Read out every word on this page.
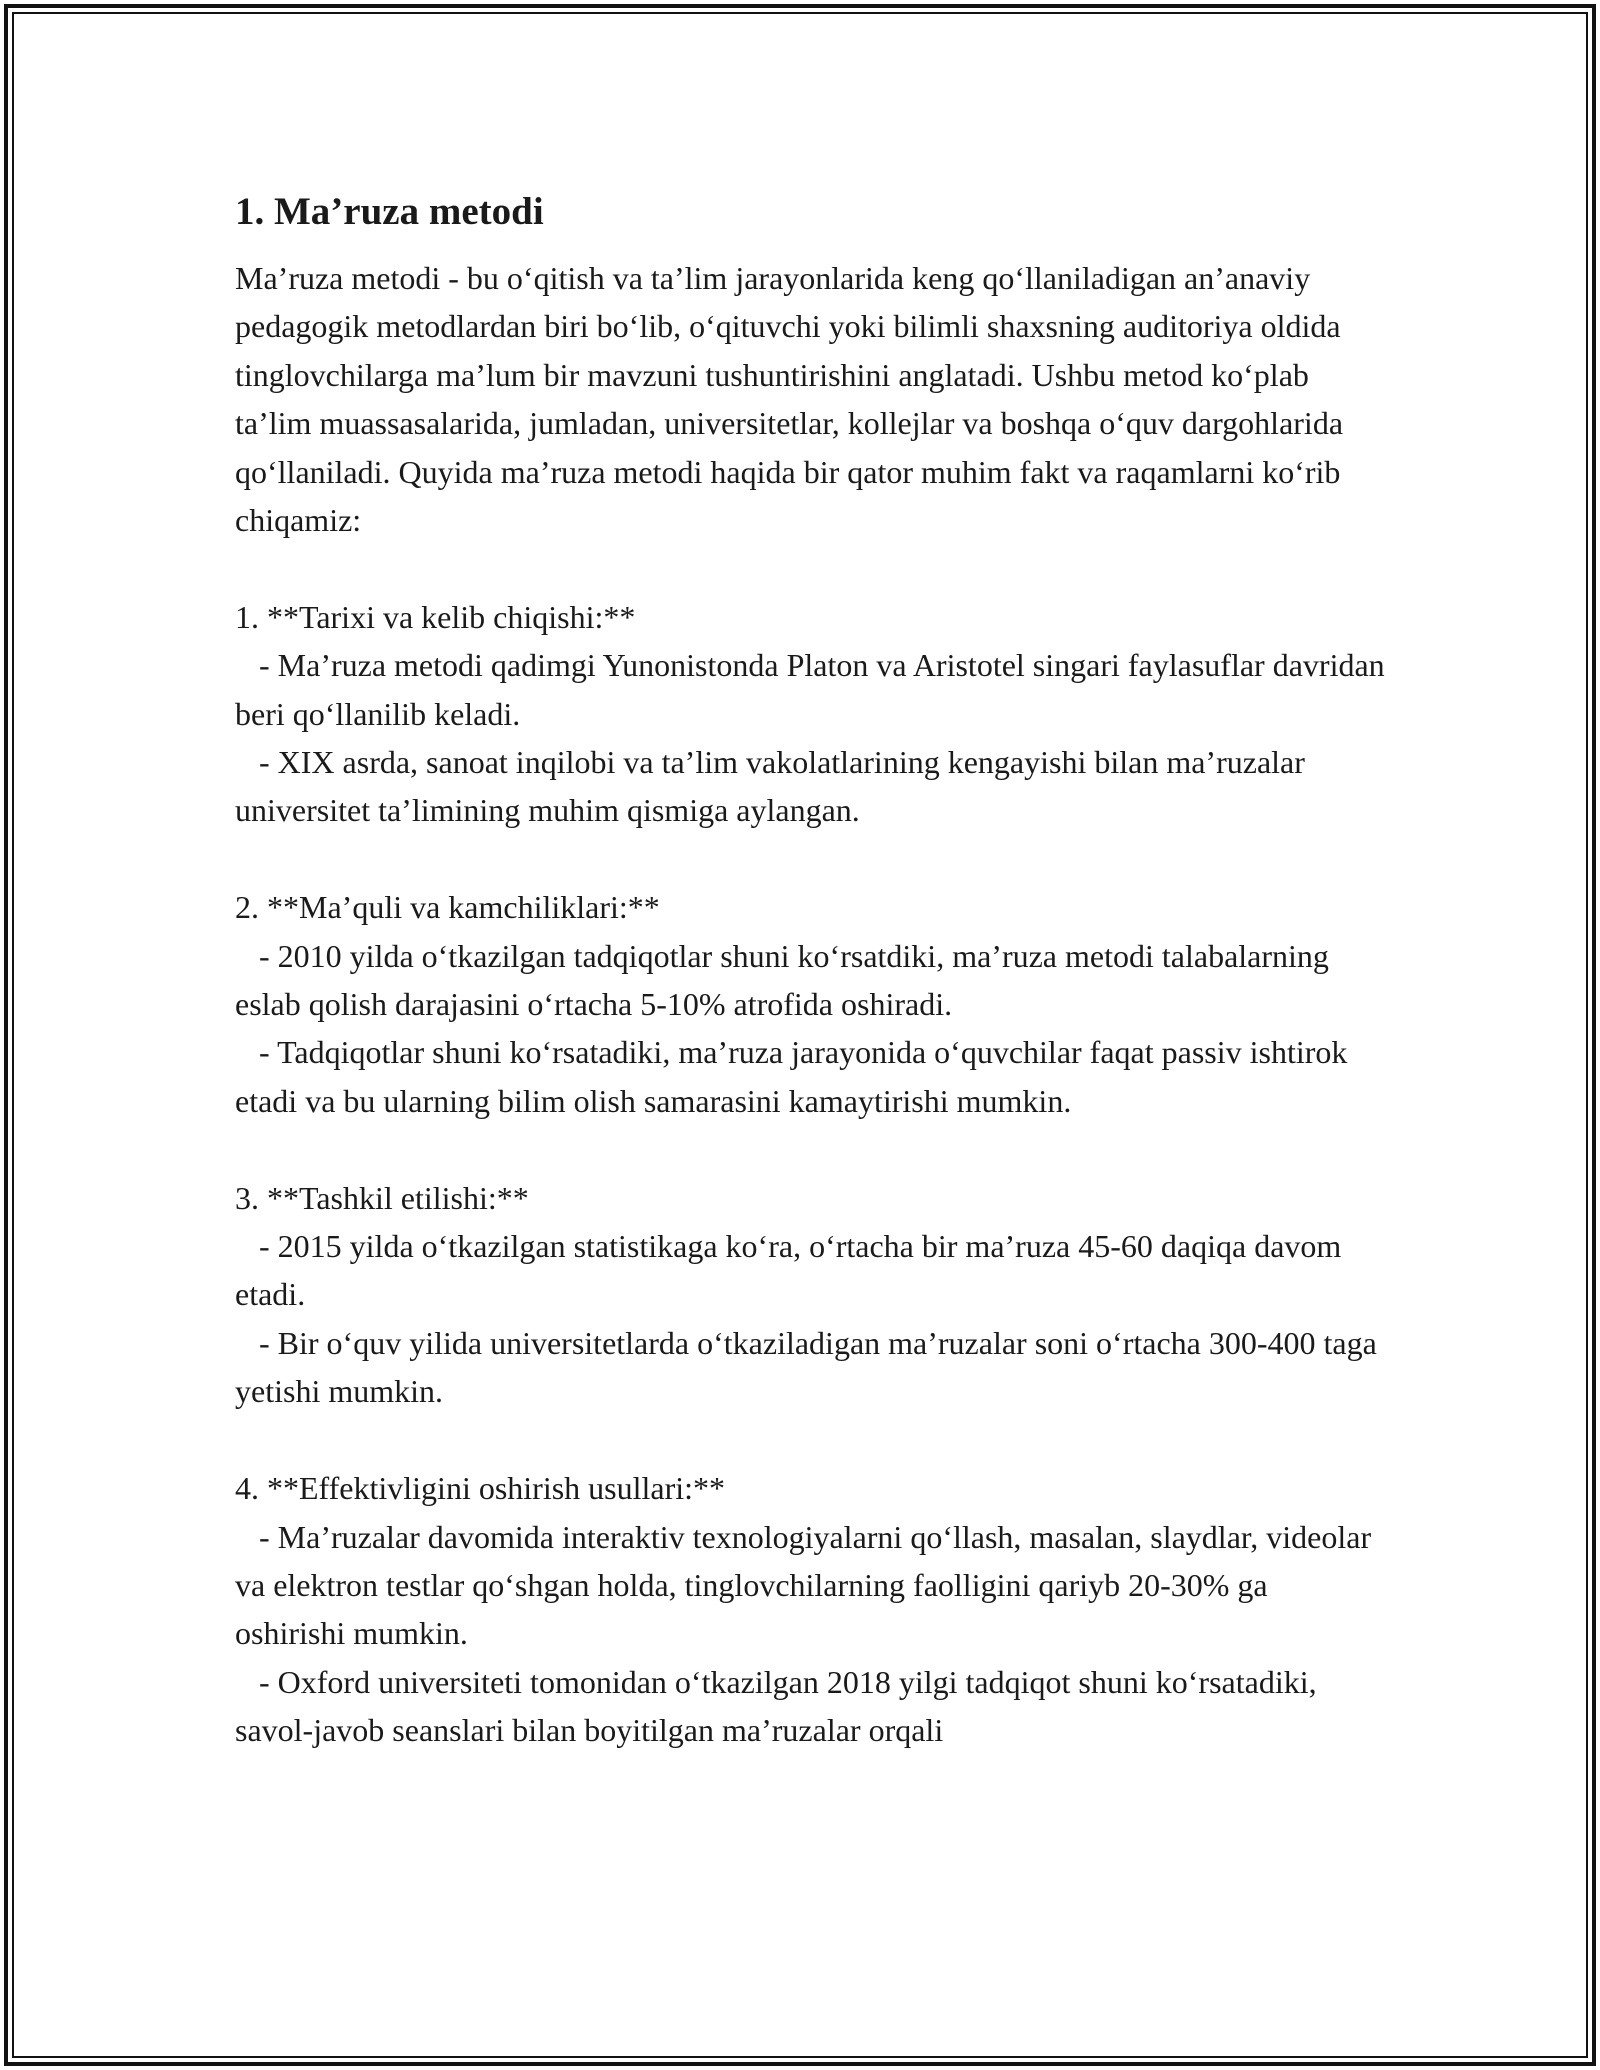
1. Ma’ruza metodi

Ma’ruza metodi - bu o‘qitish va ta’lim jarayonlarida keng qo‘llaniladigan an’anaviy pedagogik metodlardan biri bo‘lib, o‘qituvchi yoki bilimli shaxsning auditoriya oldida tinglovchilarga ma’lum bir mavzuni tushuntirishini anglatadi. Ushbu metod ko‘plab ta’lim muassasalarida, jumladan, universitetlar, kollejlar va boshqa o‘quv dargohlarida qo‘llaniladi. Quyida ma’ruza metodi haqida bir qator muhim fakt va raqamlarni ko‘rib chiqamiz:

1. **Tarixi va kelib chiqishi:**

- Ma’ruza metodi qadimgi Yunonistonda Platon va Aristotel singari faylasuflar davridan beri qo‘llanilib keladi.

- XIX asrda, sanoat inqilobi va ta’lim vakolatlarining kengayishi bilan ma’ruzalar universitet ta’limining muhim qismiga aylangan.

2. **Ma’quli va kamchiliklari:**

- 2010 yilda o‘tkazilgan tadqiqotlar shuni ko‘rsatdiki, ma’ruza metodi talabalarning eslab qolish darajasini o‘rtacha 5-10% atrofida oshiradi.

- Tadqiqotlar shuni ko‘rsatadiki, ma’ruza jarayonida o‘quvchilar faqat passiv ishtirok etadi va bu ularning bilim olish samarasini kamaytirishi mumkin.

3. **Tashkil etilishi:**

- 2015 yilda o‘tkazilgan statistikaga ko‘ra, o‘rtacha bir ma’ruza 45-60 daqiqa davom etadi.

- Bir o‘quv yilida universitetlarda o‘tkaziladigan ma’ruzalar soni o‘rtacha 300-400 taga yetishi mumkin.

4. **Effektivligini oshirish usullari:**

- Ma’ruzalar davomida interaktiv texnologiyalarni qo‘llash, masalan, slaydlar, videolar va elektron testlar qo‘shgan holda, tinglovchilarning faolligini qariyb 20-30% ga oshirishi mumkin.

- Oxford universiteti tomonidan o‘tkazilgan 2018 yilgi tadqiqot shuni ko‘rsatadiki, savol-javob seanslari bilan boyitilgan ma’ruzalar orqali
